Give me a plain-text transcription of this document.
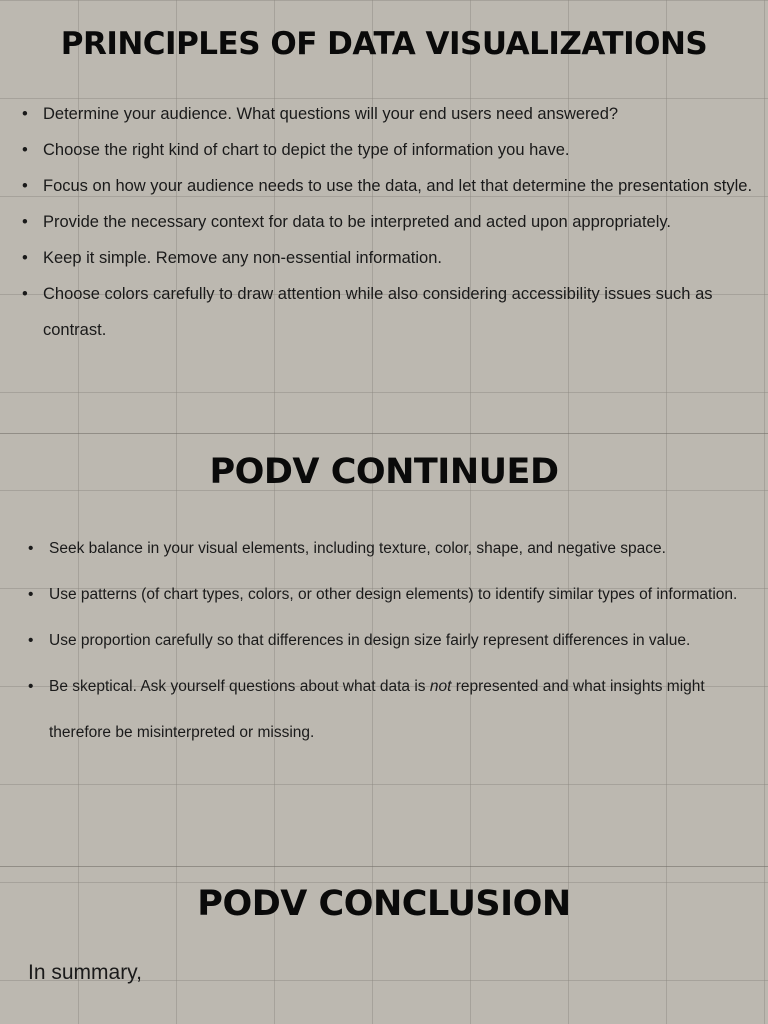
PRINCIPLES OF DATA VISUALIZATIONS
• Determine your audience. What questions will your end users need answered?
• Choose the right kind of chart to depict the type of information you have.
• Focus on how your audience needs to use the data, and let that determine the presentation style.
• Provide the necessary context for data to be interpreted and acted upon appropriately.
• Keep it simple. Remove any non-essential information.
• Choose colors carefully to draw attention while also considering accessibility issues such as contrast.
PODV CONTINUED
• Seek balance in your visual elements, including texture, color, shape, and negative space.
• Use patterns (of chart types, colors, or other design elements) to identify similar types of information.
• Use proportion carefully so that differences in design size fairly represent differences in value.
• Be skeptical. Ask yourself questions about what data is not represented and what insights might therefore be misinterpreted or missing.
PODV CONCLUSION

In summary,
